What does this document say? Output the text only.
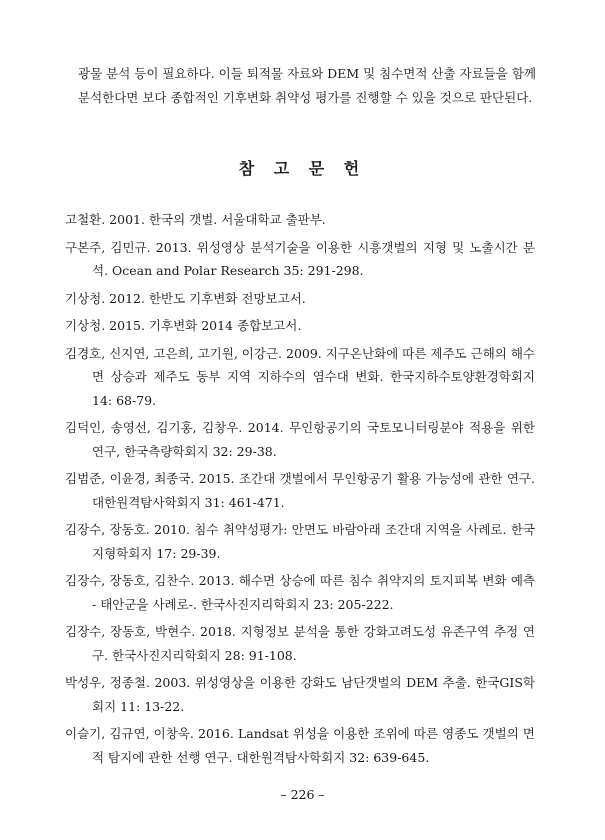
광물 분석 등이 필요하다. 이들 퇴적물 자료와 DEM 및 침수면적 산출 자료들을 함께 분석한다면 보다 종합적인 기후변화 취약성 평가를 진행할 수 있을 것으로 판단된다.

참 고 문 헌
고철환. 2001. 한국의 갯벌. 서울대학교 출판부.
구본주, 김민규. 2013. 위성영상 분석기술을 이용한 시흥갯벌의 지형 및 노출시간 분석. Ocean and Polar Research 35: 291-298.
기상청. 2012. 한반도 기후변화 전망보고서.
기상청. 2015. 기후변화 2014 종합보고서.
김경호, 신지연, 고은희, 고기원, 이강근. 2009. 지구온난화에 따른 제주도 근해의 해수면 상승과 제주도 동부 지역 지하수의 염수대 변화. 한국지하수토양환경학회지 14: 68-79.
김덕인, 송영선, 김기홍, 김창우. 2014. 무인항공기의 국토모니터링분야 적용을 위한 연구, 한국측량학회지 32: 29-38.
김범준, 이윤경, 최종국. 2015. 조간대 갯벌에서 무인항공기 활용 가능성에 관한 연구. 대한원격탐사학회지 31: 461-471.
김장수, 장동호. 2010. 침수 취약성평가: 안면도 바람아래 조간대 지역을 사례로. 한국지형학회지 17: 29-39.
김장수, 장동호, 김찬수. 2013. 해수면 상승에 따른 침수 취약지의 토지피복 변화 예측 - 태안군을 사례로-. 한국사진지리학회지 23: 205-222.
김장수, 장동호, 박현수. 2018. 지형정보 분석을 통한 강화고려도성 유존구역 추정 연구. 한국사진지리학회지 28: 91-108.
박성우, 정종철. 2003. 위성영상을 이용한 강화도 남단갯벌의 DEM 추출. 한국GIS학회지 11: 13-22.
이슬기, 김규연, 이창욱. 2016. Landsat 위성을 이용한 조위에 따른 영종도 갯벌의 면적 탐지에 관한 선행 연구. 대한원격탐사학회지 32: 639-645.
– 226 –
